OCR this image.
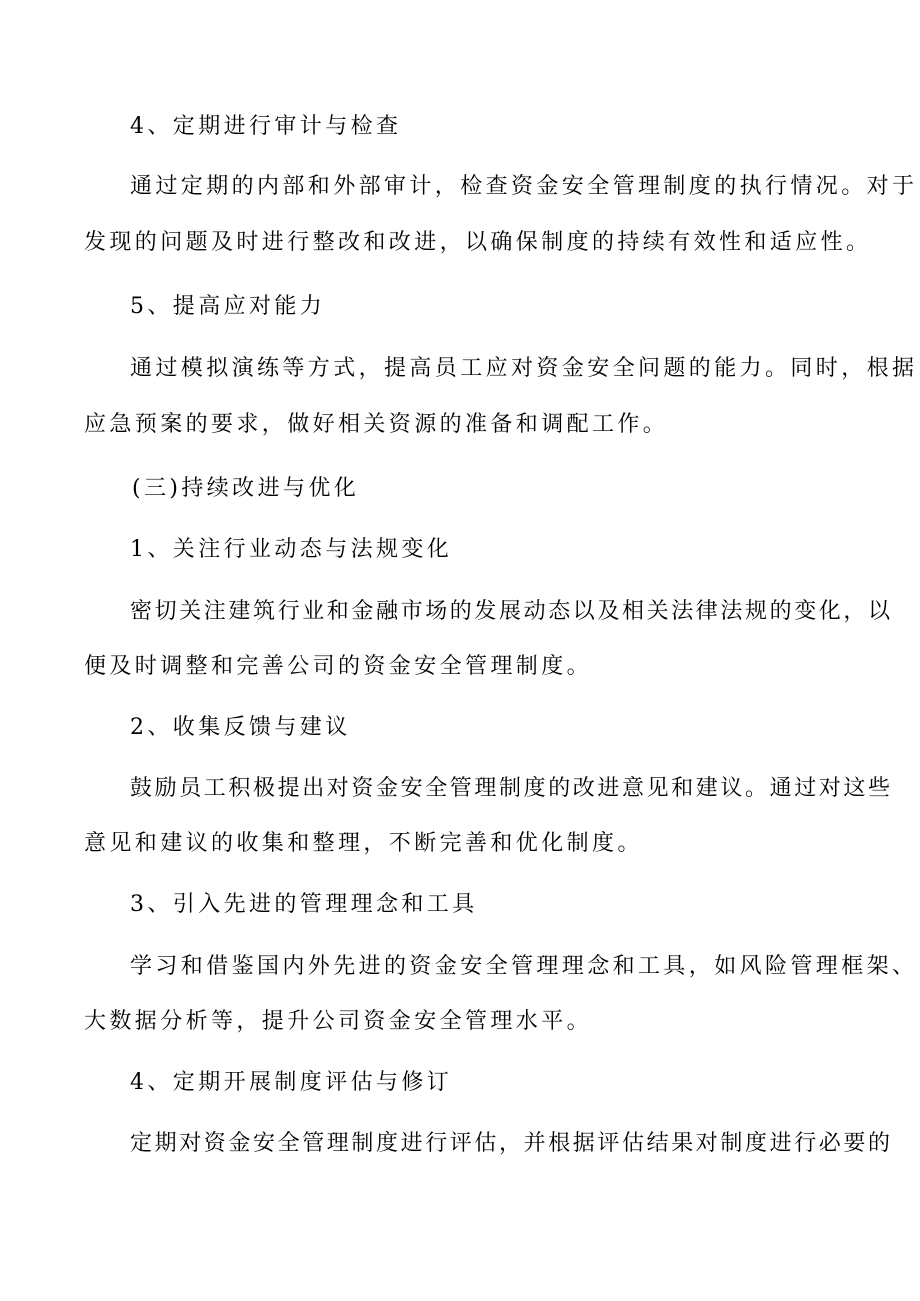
4、定期进行审计与检查
通过定期的内部和外部审计，检查资金安全管理制度的执行情况。对于
发现的问题及时进行整改和改进，以确保制度的持续有效性和适应性。
5、提高应对能力
通过模拟演练等方式，提高员工应对资金安全问题的能力。同时，根据
应急预案的要求，做好相关资源的准备和调配工作。
(三)持续改进与优化
1、关注行业动态与法规变化
密切关注建筑行业和金融市场的发展动态以及相关法律法规的变化，以
便及时调整和完善公司的资金安全管理制度。
2、收集反馈与建议
鼓励员工积极提出对资金安全管理制度的改进意见和建议。通过对这些
意见和建议的收集和整理，不断完善和优化制度。
3、引入先进的管理理念和工具
学习和借鉴国内外先进的资金安全管理理念和工具，如风险管理框架、
大数据分析等，提升公司资金安全管理水平。
4、定期开展制度评估与修订
定期对资金安全管理制度进行评估，并根据评估结果对制度进行必要的
